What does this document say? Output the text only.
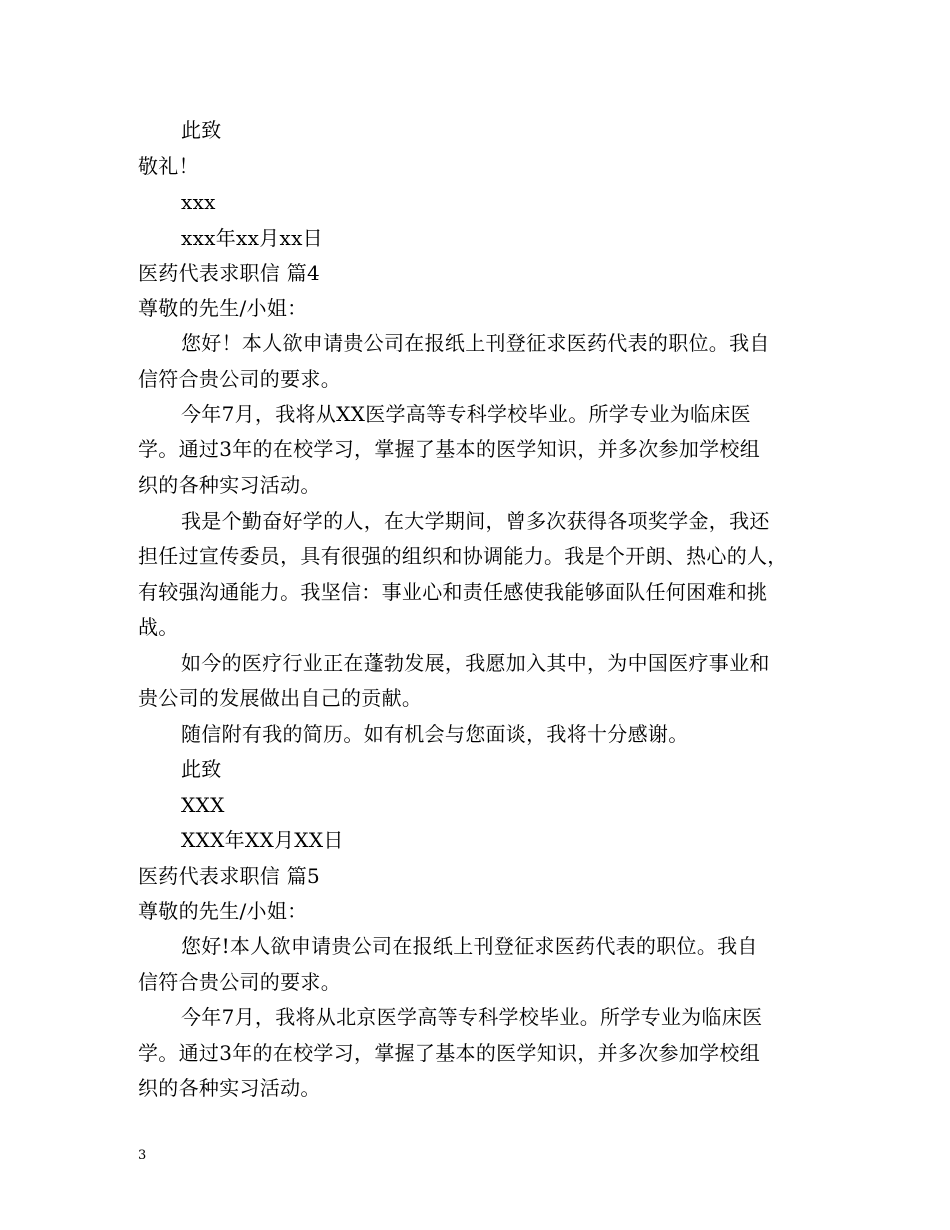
此致
敬礼！
xxx
xxx年xx月xx日
医药代表求职信 篇4
尊敬的先生/小姐：
您好！本人欲申请贵公司在报纸上刊登征求医药代表的职位。我自
信符合贵公司的要求。
今年7月，我将从XX医学高等专科学校毕业。所学专业为临床医
学。通过3年的在校学习，掌握了基本的医学知识，并多次参加学校组
织的各种实习活动。
我是个勤奋好学的人，在大学期间，曾多次获得各项奖学金，我还
担任过宣传委员，具有很强的组织和协调能力。我是个开朗、热心的人，
有较强沟通能力。我坚信：事业心和责任感使我能够面队任何困难和挑
战。
如今的医疗行业正在蓬勃发展，我愿加入其中，为中国医疗事业和
贵公司的发展做出自己的贡献。
随信附有我的简历。如有机会与您面谈，我将十分感谢。
此致
XXX
XXX年XX月XX日
医药代表求职信 篇5
尊敬的先生/小姐：
您好!本人欲申请贵公司在报纸上刊登征求医药代表的职位。我自
信符合贵公司的要求。
今年7月，我将从北京医学高等专科学校毕业。所学专业为临床医
学。通过3年的在校学习，掌握了基本的医学知识，并多次参加学校组
织的各种实习活动。
3
